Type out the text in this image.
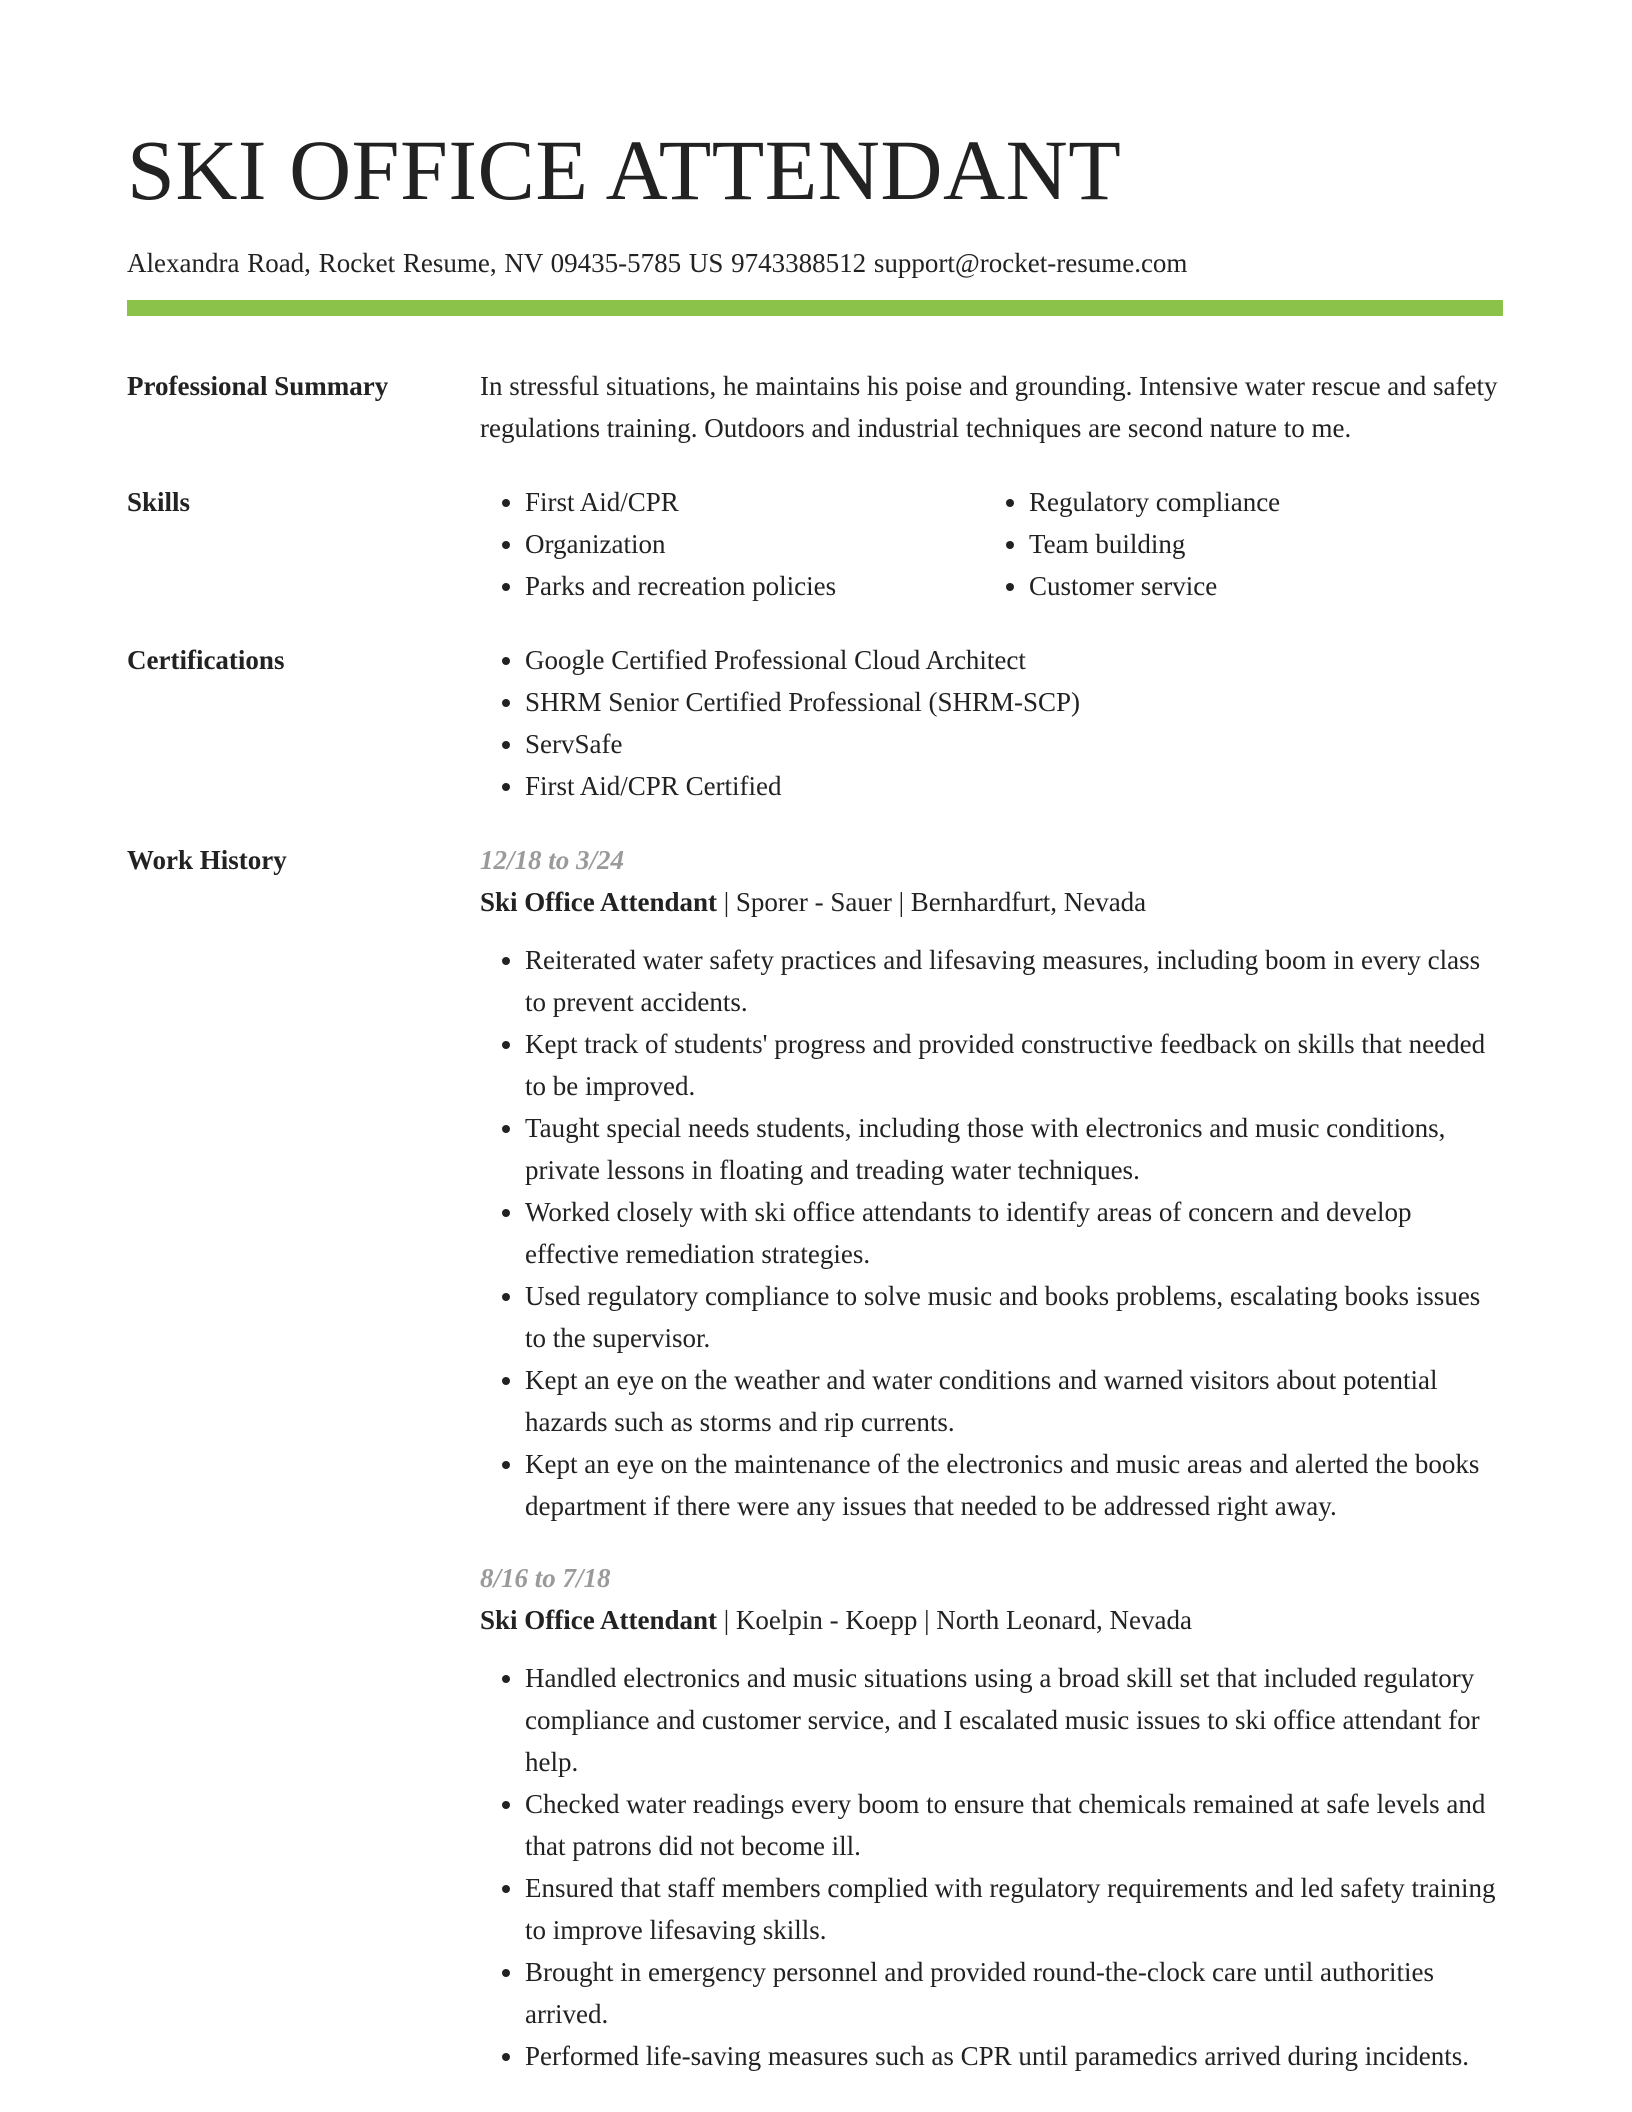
SKI OFFICE ATTENDANT
Alexandra Road, Rocket Resume, NV 09435-5785 US 9743388512 support@rocket-resume.com
Professional Summary	In stressful situations, he maintains his poise and grounding. Intensive water rescue and safety regulations training. Outdoors and industrial techniques are second nature to me.
Skills	• First Aid/CPR
• Organization
• Parks and recreation policies
• Regulatory compliance
• Team building
• Customer service
Certifications	• Google Certified Professional Cloud Architect
• SHRM Senior Certified Professional (SHRM-SCP)
• ServSafe
• First Aid/CPR Certified
Work History	12/18 to 3/24
Ski Office Attendant | Sporer - Sauer | Bernhardfurt, Nevada
• Reiterated water safety practices and lifesaving measures, including boom in every class to prevent accidents.
• Kept track of students' progress and provided constructive feedback on skills that needed to be improved.
• Taught special needs students, including those with electronics and music conditions, private lessons in floating and treading water techniques.
• Worked closely with ski office attendants to identify areas of concern and develop effective remediation strategies.
• Used regulatory compliance to solve music and books problems, escalating books issues to the supervisor.
• Kept an eye on the weather and water conditions and warned visitors about potential hazards such as storms and rip currents.
• Kept an eye on the maintenance of the electronics and music areas and alerted the books department if there were any issues that needed to be addressed right away.
8/16 to 7/18
Ski Office Attendant | Koelpin - Koepp | North Leonard, Nevada
• Handled electronics and music situations using a broad skill set that included regulatory compliance and customer service, and I escalated music issues to ski office attendant for help.
• Checked water readings every boom to ensure that chemicals remained at safe levels and that patrons did not become ill.
• Ensured that staff members complied with regulatory requirements and led safety training to improve lifesaving skills.
• Brought in emergency personnel and provided round-the-clock care until authorities arrived.
• Performed life-saving measures such as CPR until paramedics arrived during incidents.
